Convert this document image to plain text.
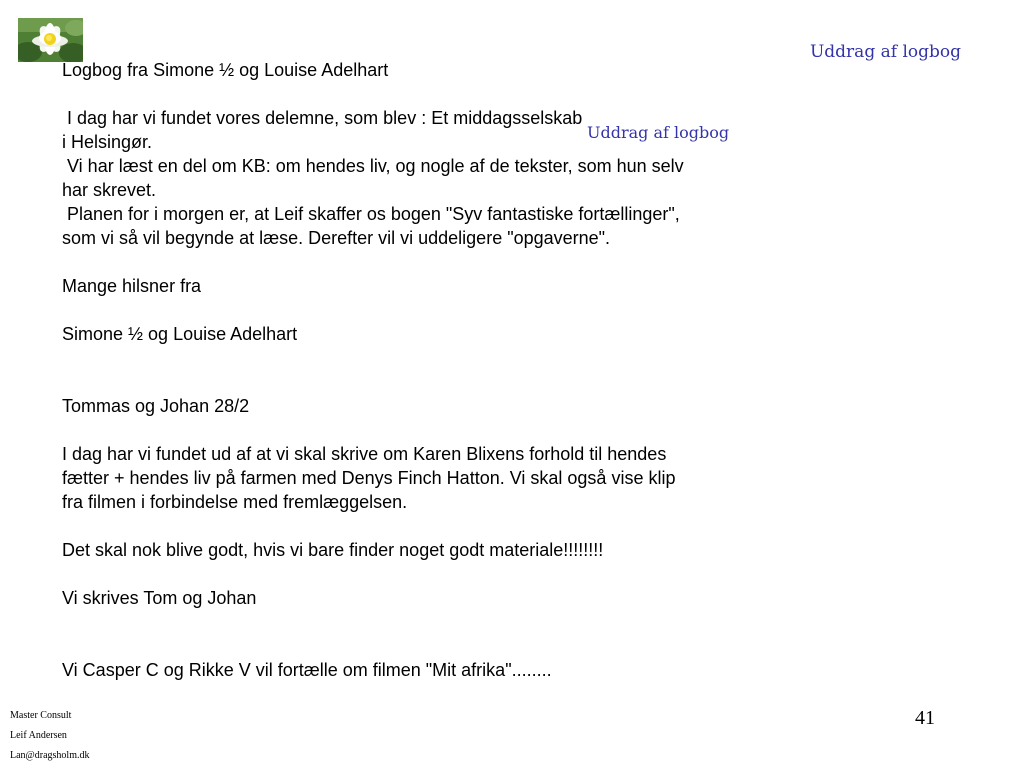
Uddrag af logbog
Uddrag af logbog
Logbog fra Simone ½ og Louise Adelhart
I dag har vi fundet vores delemne, som blev : Et middagsselskab
i Helsingør.
Vi har læst en del om KB: om hendes liv, og nogle af de tekster, som hun selv
har skrevet.
Planen for i morgen er, at Leif skaffer os bogen "Syv fantastiske fortællinger",
som vi så vil begynde at læse. Derefter vil vi uddeligere "opgaverne".
Mange hilsner fra
Simone ½ og Louise Adelhart
Tommas og Johan 28/2
I dag har vi fundet ud af at vi skal skrive om Karen Blixens forhold til hendes
fætter + hendes liv på farmen med Denys Finch Hatton. Vi skal også vise klip
fra filmen i forbindelse med fremlæggelsen.
Det skal nok blive godt, hvis vi bare finder noget godt materiale!!!!!!!!
Vi skrives Tom og Johan
Vi Casper C og Rikke V vil fortælle om filmen "Mit afrika"........
41
Master Consult
Leif Andersen
Lan@dragsholm.dk
